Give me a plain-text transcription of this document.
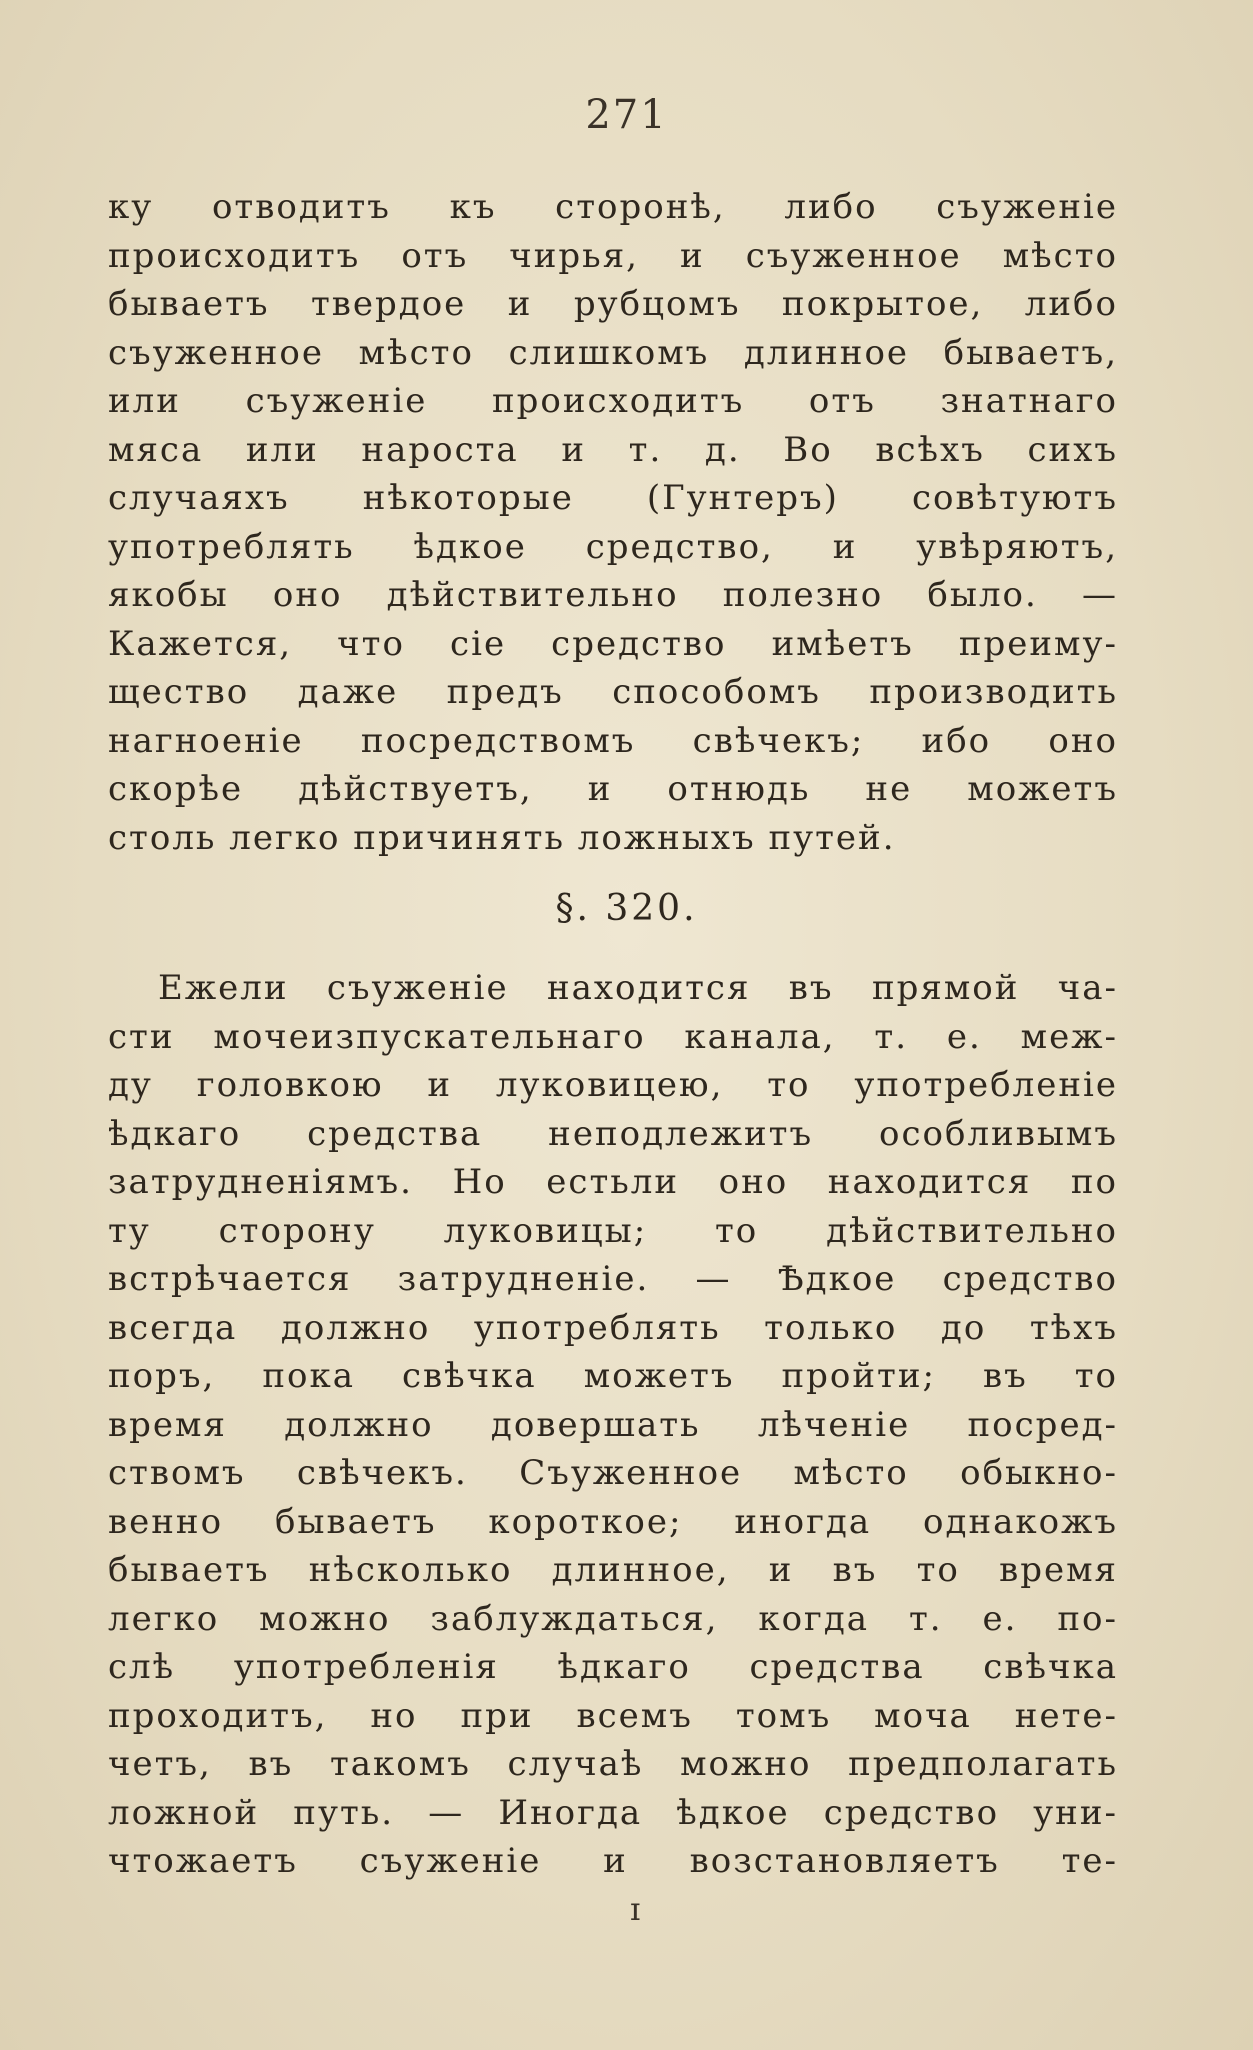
271
ку отводитъ къ сторонѣ, либо съуженіе
происходитъ отъ чирья, и съуженное мѣсто
бываетъ твердое и рубцомъ покрытое, либо
съуженное мѣсто слишкомъ длинное бываетъ,
или съуженіе происходитъ отъ знатнаго
мяса или нароста и т. д. Во всѣхъ сихъ
случаяхъ нѣкоторые (Гунтеръ) совѣтуютъ
употреблять ѣдкое средство, и увѣряютъ,
якобы оно дѣйствительно полезно было. —
Кажется, что сіе средство имѣетъ преиму-
щество даже предъ способомъ производить
нагноеніе посредствомъ свѣчекъ; ибо оно
скорѣе дѣйствуетъ, и отнюдь не можетъ
столь легко причинять ложныхъ путей.
§. 320.
Ежели съуженіе находится въ прямой ча-
сти мочеизпускательнаго канала, т. е. меж-
ду головкою и луковицею, то употребленіе
ѣдкаго средства неподлежитъ особливымъ
затрудненіямъ. Но естьли оно находится по
ту сторону луковицы; то дѣйствительно
встрѣчается затрудненіе. — Ѣдкое средство
всегда должно употреблять только до тѣхъ
поръ, пока свѣчка можетъ пройти; въ то
время должно довершать лѣченіе посред-
ствомъ свѣчекъ. Съуженное мѣсто обыкно-
венно бываетъ короткое; иногда однакожъ
бываетъ нѣсколько длинное, и въ то время
легко можно заблуждаться, когда т. е. по-
слѣ употребленія ѣдкаго средства свѣчка
проходитъ, но при всемъ томъ моча нете-
четъ, въ такомъ случаѣ можно предполагать
ложной путь. — Иногда ѣдкое средство уни-
чтожаетъ съуженіе и возстановляетъ те-
ɪ
